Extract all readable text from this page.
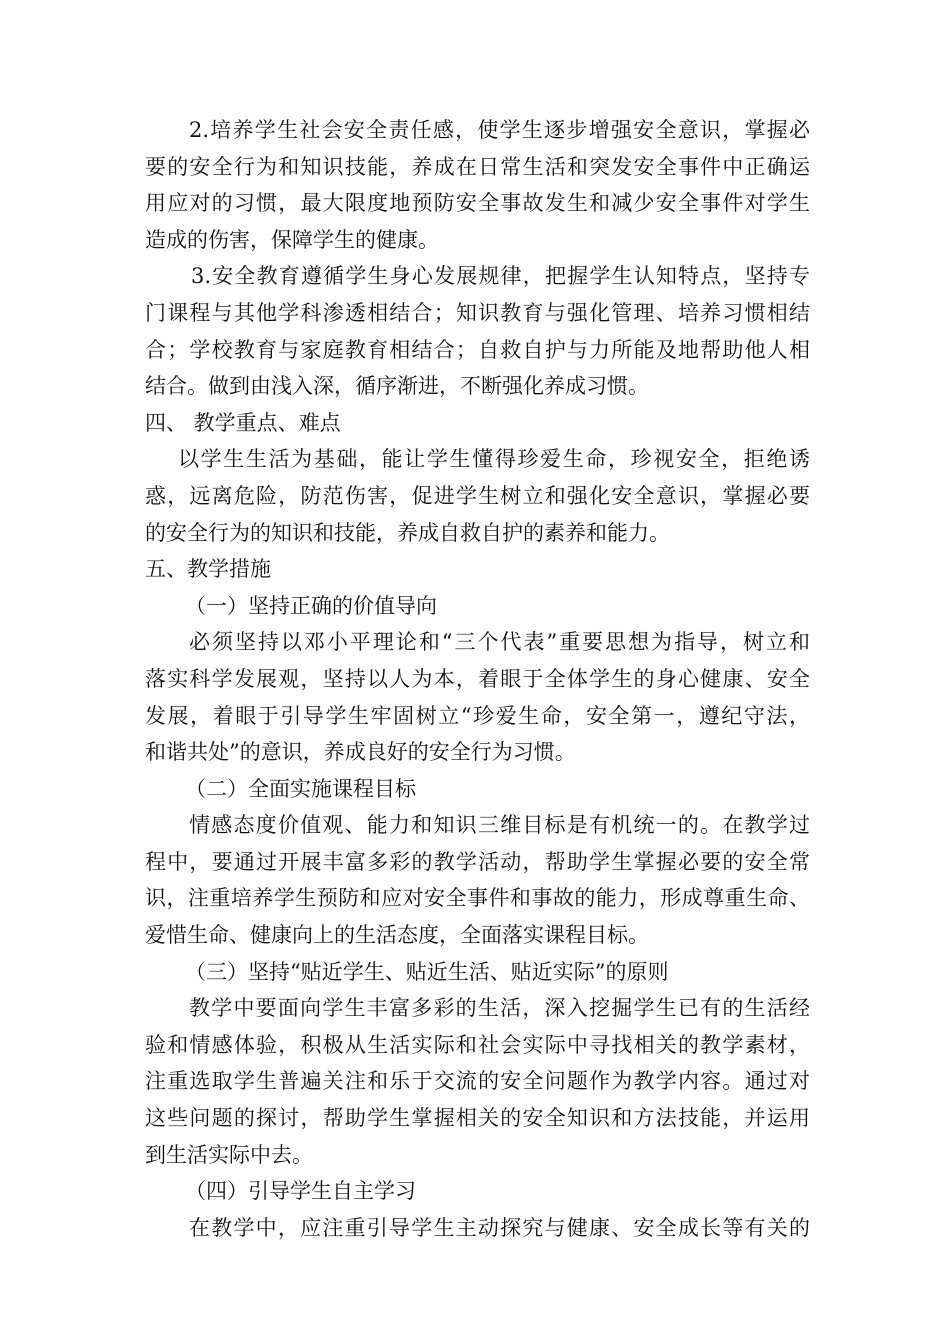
2.培养学生社会安全责任感，使学生逐步增强安全意识，掌握必
要的安全行为和知识技能，养成在日常生活和突发安全事件中正确运
用应对的习惯，最大限度地预防安全事故发生和减少安全事件对学生
造成的伤害，保障学生的健康。
3.安全教育遵循学生身心发展规律，把握学生认知特点，坚持专
门课程与其他学科渗透相结合；知识教育与强化管理、培养习惯相结
合；学校教育与家庭教育相结合；自救自护与力所能及地帮助他人相
结合。做到由浅入深，循序渐进，不断强化养成习惯。
四、 教学重点、难点
以学生生活为基础，能让学生懂得珍爱生命，珍视安全，拒绝诱
惑，远离危险，防范伤害，促进学生树立和强化安全意识，掌握必要
的安全行为的知识和技能，养成自救自护的素养和能力。
五、教学措施
（一）坚持正确的价值导向
必须坚持以邓小平理论和“三个代表”重要思想为指导，树立和
落实科学发展观，坚持以人为本，着眼于全体学生的身心健康、安全
发展，着眼于引导学生牢固树立“珍爱生命，安全第一，遵纪守法，
和谐共处”的意识，养成良好的安全行为习惯。
（二）全面实施课程目标
情感态度价值观、能力和知识三维目标是有机统一的。在教学过
程中，要通过开展丰富多彩的教学活动，帮助学生掌握必要的安全常
识，注重培养学生预防和应对安全事件和事故的能力，形成尊重生命、
爱惜生命、健康向上的生活态度，全面落实课程目标。
（三）坚持“贴近学生、贴近生活、贴近实际”的原则
教学中要面向学生丰富多彩的生活，深入挖掘学生已有的生活经
验和情感体验，积极从生活实际和社会实际中寻找相关的教学素材，
注重选取学生普遍关注和乐于交流的安全问题作为教学内容。通过对
这些问题的探讨，帮助学生掌握相关的安全知识和方法技能，并运用
到生活实际中去。
（四）引导学生自主学习
在教学中，应注重引导学生主动探究与健康、安全成长等有关的
